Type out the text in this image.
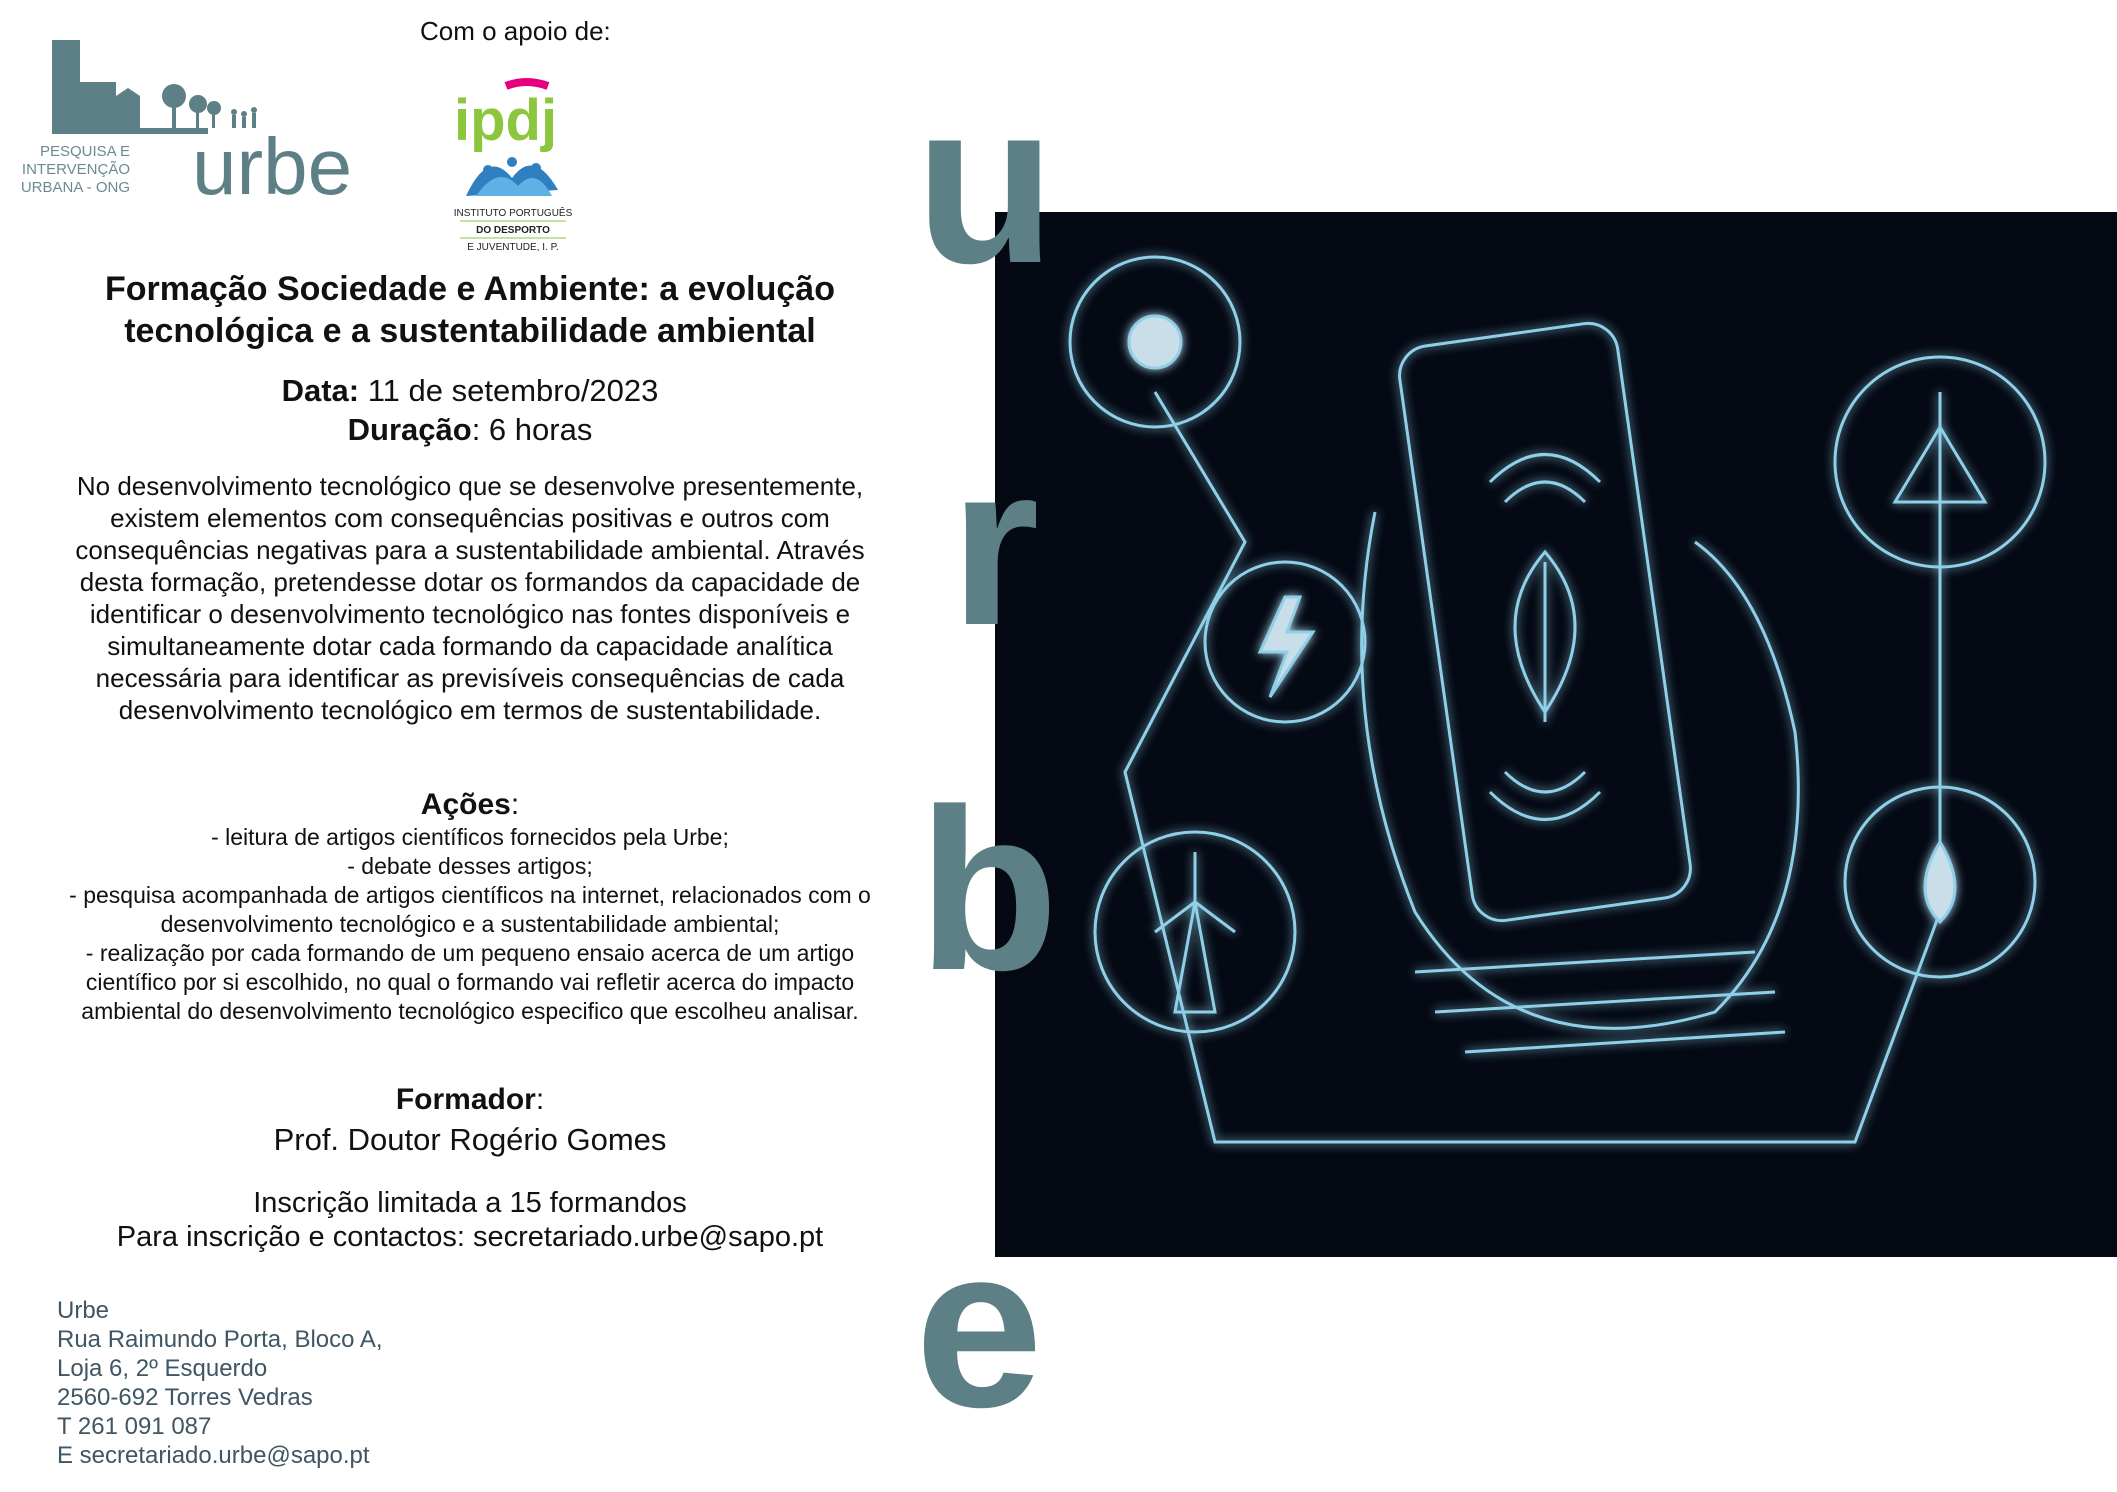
Com o apoio de:
PESQUISA E
INTERVENÇÃO
URBANA - ONG urbe
ipdj
INSTITUTO PORTUGUÊS
DO DESPORTO
E JUVENTUDE, I. P.
Formação Sociedade e Ambiente: a evolução tecnológica e a sustentabilidade ambiental
Data: 11 de setembro/2023
Duração: 6 horas
No desenvolvimento tecnológico que se desenvolve presentemente, existem elementos com consequências positivas e outros com consequências negativas para a sustentabilidade ambiental. Através desta formação, pretendesse dotar os formandos da capacidade de identificar o desenvolvimento tecnológico nas fontes disponíveis e simultaneamente dotar cada formando da capacidade analítica necessária para identificar as previsíveis consequências de cada desenvolvimento tecnológico em termos de sustentabilidade.
Ações:
- leitura de artigos científicos fornecidos pela Urbe;
- debate desses artigos;
- pesquisa acompanhada de artigos científicos na internet, relacionados com o desenvolvimento tecnológico e a sustentabilidade ambiental;
- realização por cada formando de um pequeno ensaio acerca de um artigo científico por si escolhido, no qual o formando vai refletir acerca do impacto ambiental do desenvolvimento tecnológico especifico que escolheu analisar.
Formador:
Prof. Doutor Rogério Gomes
Inscrição limitada a 15 formandos
Para inscrição e contactos: secretariado.urbe@sapo.pt
Urbe
Rua Raimundo Porta, Bloco A,
Loja 6, 2º Esquerdo
2560-692 Torres Vedras
T 261 091 087
E secretariado.urbe@sapo.pt
u
r
b
e
